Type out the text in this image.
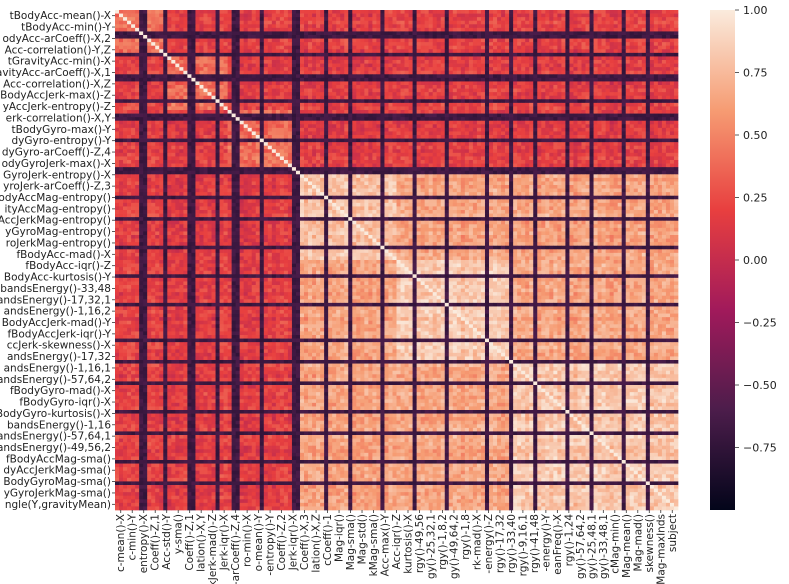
tBodyAcc-mean()-X
tBodyAcc-min()-Y
odyAcc-arCoeff()-X,2
Acc-correlation()-Y,Z
tGravityAcc-min()-X
avityAcc-arCoeff()-X,1
Acc-correlation()-X,Z
BodyAccJerk-max()-Z
yAccJerk-entropy()-Z
erk-correlation()-X,Y
tBodyGyro-max()-Y
dyGyro-entropy()-Y
dyGyro-arCoeff()-Z,4
odyGyroJerk-max()-X
GyroJerk-entropy()-X
yroJerk-arCoeff()-Z,3
BodyAccMag-entropy()
ityAccMag-entropy()
AccJerkMag-entropy()
yGyroMag-entropy()
roJerkMag-entropy()
fBodyAcc-mad()-X
fBodyAcc-iqr()-Z
BodyAcc-kurtosis()-Y
bandsEnergy()-33,48
andsEnergy()-17,32,1
andsEnergy()-1,16,2
BodyAccJerk-mad()-Y
fBodyAccJerk-iqr()-Y
ccJerk-skewness()-X
andsEnergy()-17,32
andsEnergy()-1,16,1
andsEnergy()-57,64,2
fBodyGyro-mad()-X
fBodyGyro-iqr()-X
BodyGyro-kurtosis()-X
bandsEnergy()-1,16
andsEnergy()-57,64,1
andsEnergy()-49,56,2
fBodyAccMag-sma()
dyAccJerkMag-sma()
BodyGyroMag-sma()
yGyroJerkMag-sma()
ngle(Y,gravityMean)
c-mean()-X c-min()-Y entropy()-X Coeff()-Z,1 Acc-std()-Y y-sma() Coeff()-Z,1 lation()-X,Y -kJerk-mad()-Z Jerk-iqr()-X '-arCoeff()-Z,4 ro-min()-X o-mean()-Y -entropy()-Y Coeff()-Z,2 Jerk-iqr()-X Coeff()-X,3 lation()-X,Z cCoeff()-1 Mag-iqr() Mag-sma() Mag-std() kMag-sma() Acc-max()-Y Acc-iqr()-Z kurtosis()-X rgy()-49,56 gy()-25,32,1 rgy()-1,8,2 gy()-49,64,2 rgy()-1,8 rk-mad()-X -energy()-Z rgy()-17,32 rgy()-33,40 rgy()-9,16,1 rgy()-41,48 -energy()-Y eanFreq()-X rgy()-1,24 gy()-57,64,2 gy()-25,48,1 gy()-33,48,1 cMag-min() Mag-mean() Mag-mad() skewness() Mag-maxInds subject
1.00
0.75
0.50
0.25
0.00
−0.25
−0.50
−0.75
